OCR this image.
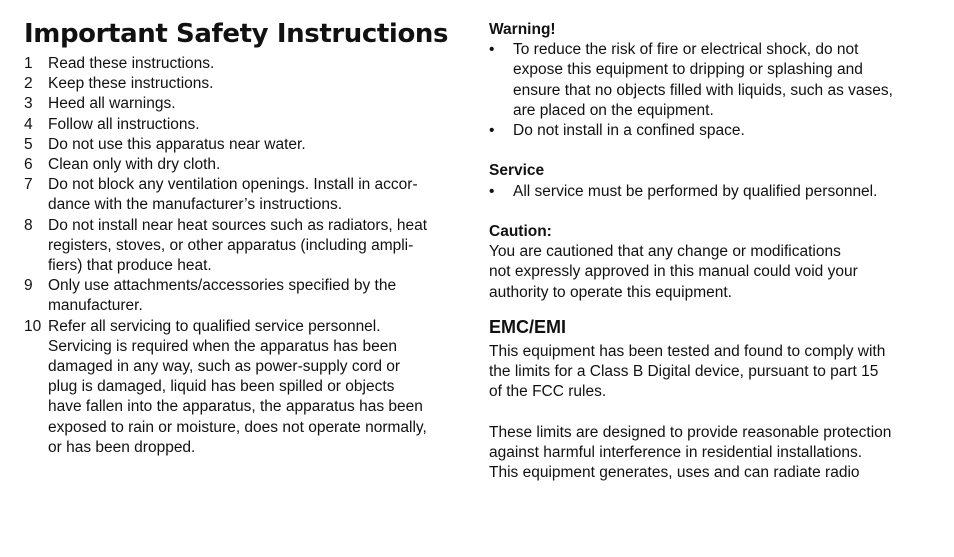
Important Safety Instructions
1 Read these instructions.
2 Keep these instructions.
3 Heed all warnings.
4 Follow all instructions.
5 Do not use this apparatus near water.
6 Clean only with dry cloth.
7 Do not block any ventilation openings. Install in accor-
dance with the manufacturer’s instructions.
8 Do not install near heat sources such as radiators, heat
registers, stoves, or other apparatus (including ampli-
fiers) that produce heat.
9 Only use attachments/accessories specified by the
manufacturer.
10 Refer all servicing to qualified service personnel.
Servicing is required when the apparatus has been
damaged in any way, such as power-supply cord or
plug is damaged, liquid has been spilled or objects
have fallen into the apparatus, the apparatus has been
exposed to rain or moisture, does not operate normally,
or has been dropped.
Warning!
• To reduce the risk of fire or electrical shock, do not
expose this equipment to dripping or splashing and
ensure that no objects filled with liquids, such as vases,
are placed on the equipment.
• Do not install in a confined space.
Service
• All service must be performed by qualified personnel.
Caution:

You are cautioned that any change or modifications
not expressly approved in this manual could void your
authority to operate this equipment.

EMC/EMI

This equipment has been tested and found to comply with
the limits for a Class B Digital device, pursuant to part 15
of the FCC rules.

These limits are designed to provide reasonable protection
against harmful interference in residential installations.
This equipment generates, uses and can radiate radio
